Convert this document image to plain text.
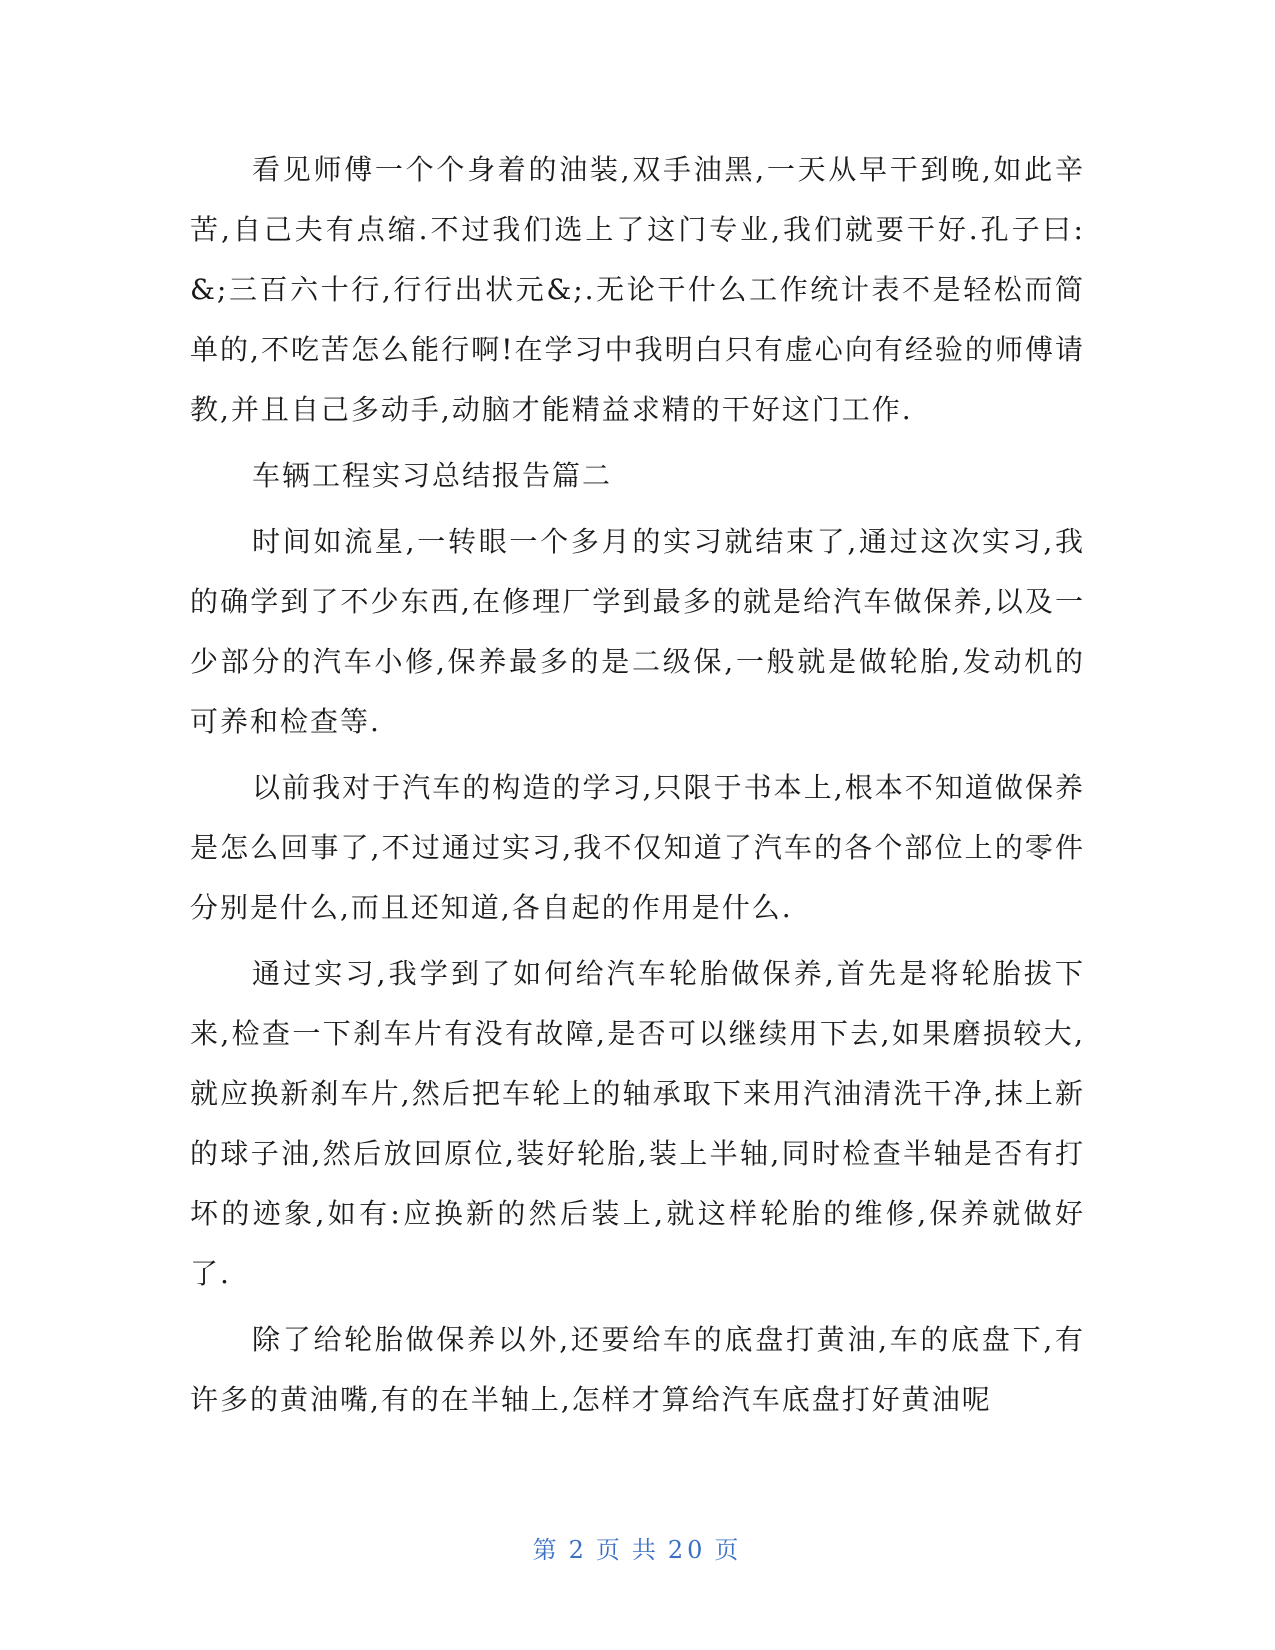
看见师傅一个个身着的油装,双手油黑,一天从早干到晚,如此辛苦,自己夫有点缩.不过我们选上了这门专业,我们就要干好.孔子曰:&;三百六十行,行行出状元&;.无论干什么工作统计表不是轻松而简单的,不吃苦怎么能行啊!在学习中我明白只有虚心向有经验的师傅请教,并且自己多动手,动脑才能精益求精的干好这门工作.

车辆工程实习总结报告篇二

时间如流星,一转眼一个多月的实习就结束了,通过这次实习,我的确学到了不少东西,在修理厂学到最多的就是给汽车做保养,以及一少部分的汽车小修,保养最多的是二级保,一般就是做轮胎,发动机的可养和检查等.

以前我对于汽车的构造的学习,只限于书本上,根本不知道做保养是怎么回事了,不过通过实习,我不仅知道了汽车的各个部位上的零件分别是什么,而且还知道,各自起的作用是什么.

通过实习,我学到了如何给汽车轮胎做保养,首先是将轮胎拔下来,检查一下刹车片有没有故障,是否可以继续用下去,如果磨损较大,就应换新刹车片,然后把车轮上的轴承取下来用汽油清洗干净,抹上新的球子油,然后放回原位,装好轮胎,装上半轴,同时检查半轴是否有打坏的迹象,如有:应换新的然后装上,就这样轮胎的维修,保养就做好了.

除了给轮胎做保养以外,还要给车的底盘打黄油,车的底盘下,有许多的黄油嘴,有的在半轴上,怎样才算给汽车底盘打好黄油呢

第 2 页 共 20 页
